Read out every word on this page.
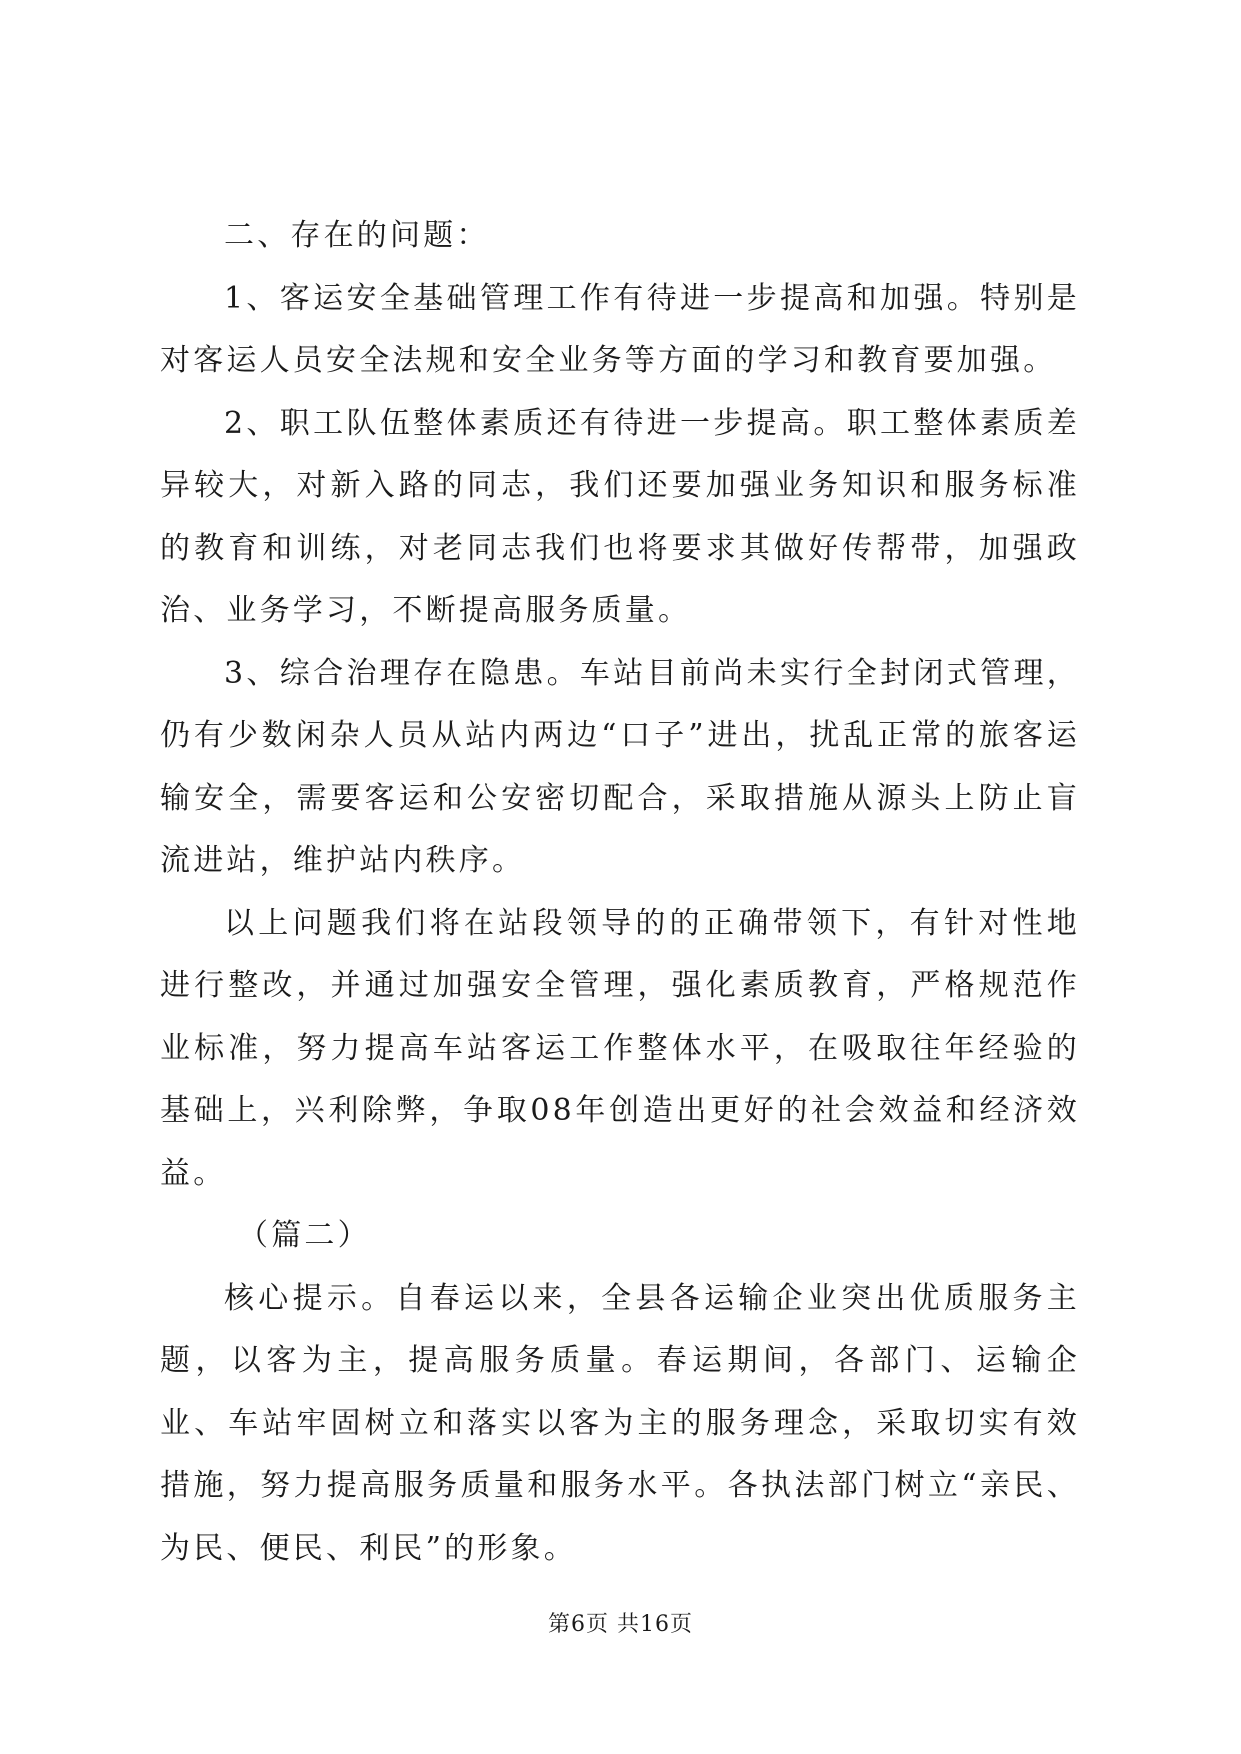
二、存在的问题：

1、客运安全基础管理工作有待进一步提高和加强。特别是对客运人员安全法规和安全业务等方面的学习和教育要加强。

2、职工队伍整体素质还有待进一步提高。职工整体素质差异较大，对新入路的同志，我们还要加强业务知识和服务标准的教育和训练，对老同志我们也将要求其做好传帮带，加强政治、业务学习，不断提高服务质量。

3、综合治理存在隐患。车站目前尚未实行全封闭式管理，仍有少数闲杂人员从站内两边“口子”进出，扰乱正常的旅客运输安全，需要客运和公安密切配合，采取措施从源头上防止盲流进站，维护站内秩序。

以上问题我们将在站段领导的的正确带领下，有针对性地进行整改，并通过加强安全管理，强化素质教育，严格规范作业标准，努力提高车站客运工作整体水平，在吸取往年经验的基础上，兴利除弊，争取08年创造出更好的社会效益和经济效益。

（篇二）

核心提示。自春运以来，全县各运输企业突出优质服务主题，以客为主，提高服务质量。春运期间，各部门、运输企业、车站牢固树立和落实以客为主的服务理念，采取切实有效措施，努力提高服务质量和服务水平。各执法部门树立“亲民、为民、便民、利民”的形象。

第6页 共16页
